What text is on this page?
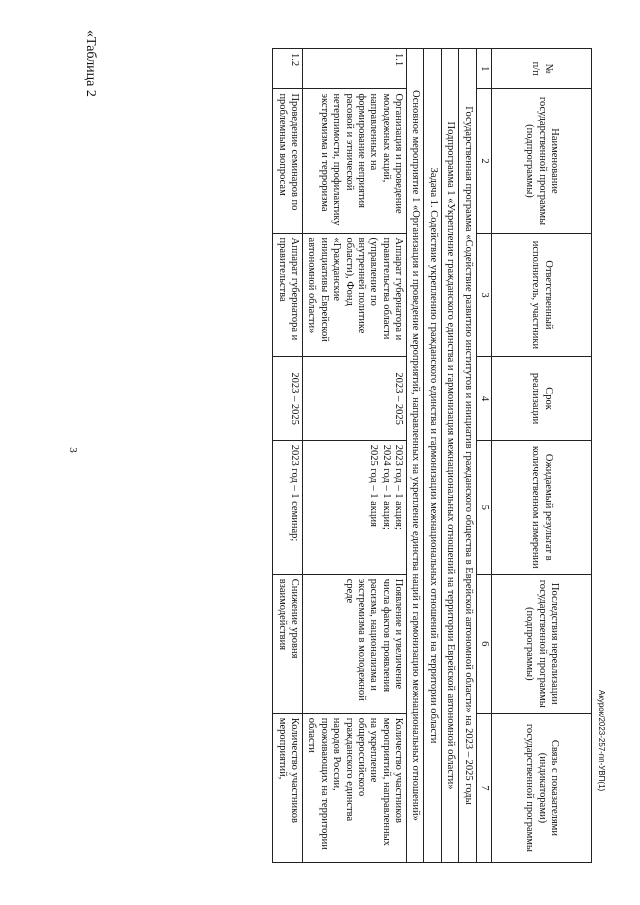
3
«Таблица 2	№
п/п	Наименование государственной программы (подпрограммы)	Ответственный исполнитель, участники	Срок реализации	Ожидаемый результат в количественном измерении	Последствия нереализации государственной программы (подпрограммы)	Связь с показателями (индикаторами) государственной программы
1	2	3	4	5	6	7
Государственная программа «Содействие развитию институтов и инициатив гражданского общества в Еврейской автономной области» на 2023 – 2025 годы						
Подпрограмма 1 «Укрепление гражданского единства и гармонизация межнациональных отношений на территории Еврейской автономной области»						
Задача 1. Содействие укреплению гражданского единства и гармонизации межнациональных отношений на территории области						
Основное мероприятие 1 «Организация и проведение мероприятий, направленных на укрепление единства наций и гармонизацию межнациональных отношений»						
1.1	Организация и проведение молодежных акций, направленных на формирование неприятия расовой и этнической нетерпимости, профилактику экстремизма и терроризма	Аппарат губернатора и правительства области (управление по внутренней политике области), Фонд «Гражданские инициативы Еврейской автономной области»	2023 – 2025	2023 год – 1 акция;
2024 год – 1 акция;
2025 год – 1 акция	Появление и увеличение числа фактов проявления расизма, национализма и экстремизма в молодежной среде	Количество участников мероприятий, направленных на укрепление общероссийского гражданского единства народов России, проживающих на территории области
1.2	Проведение семинаров по проблемным вопросам	Аппарат губернатора и правительства	2023 – 2025	2023 год – 1 семинар;	Снижение уровня взаимодействия	Количество участников мероприятий,	Акурок/2023-257-пп-УВП(1)
